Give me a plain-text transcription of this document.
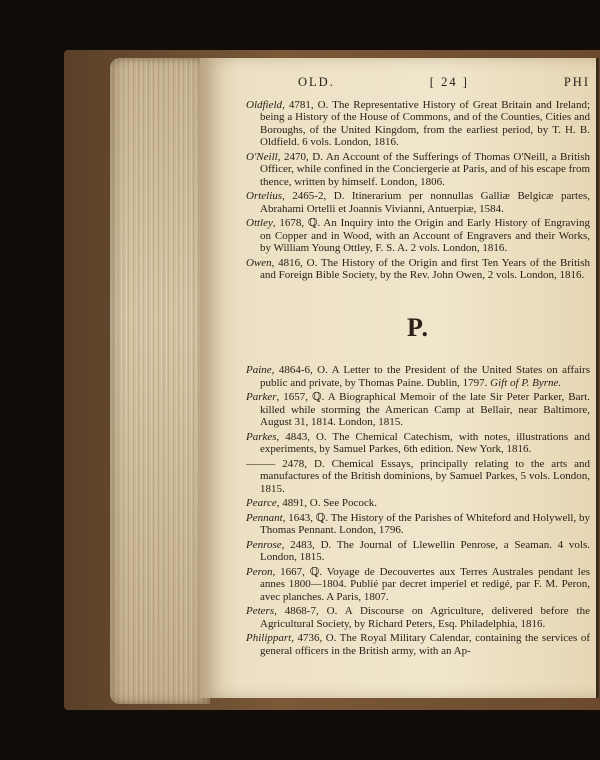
OLD.	[ 24 ]	PHI

Oldfield, 4781, O. The Representative History of Great Britain and Ireland; being a History of the House of Commons, and of the Counties, Cities and Boroughs, of the United Kingdom, from the earliest period, by T. H. B. Oldfield. 6 vols. London, 1816.

O'Neill, 2470, D. An Account of the Sufferings of Thomas O'Neill, a British Officer, while confined in the Conciergerie at Paris, and of his escape from thence, written by himself. London, 1806.

Ortelius, 2465-2, D. Itinerarium per nonnullas Galliæ Belgicæ partes, Abrahami Ortelli et Joannis Vivianni, Antuerpiæ, 1584.

Ottley, 1678, ℚ. An Inquiry into the Origin and Early History of Engraving on Copper and in Wood, with an Account of Engravers and their Works, by William Young Ottley, F. S. A. 2 vols. London, 1816.

Owen, 4816, O. The History of the Origin and first Ten Years of the British and Foreign Bible Society, by the Rev. John Owen, 2 vols. London, 1816.

P.

Paine, 4864-6, O. A Letter to the President of the United States on affairs public and private, by Thomas Paine. Dublin, 1797. Gift of P. Byrne.

Parker, 1657, ℚ. A Biographical Memoir of the late Sir Peter Parker, Bart. killed while storming the American Camp at Bellair, near Baltimore, August 31, 1814. London, 1815.

Parkes, 4843, O. The Chemical Catechism, with notes, illustrations and experiments, by Samuel Parkes, 6th edition. New York, 1816.

——— 2478, D. Chemical Essays, principally relating to the arts and manufactures of the British dominions, by Samuel Parkes, 5 vols. London, 1815.

Pearce, 4891, O. See Pocock.

Pennant, 1643, ℚ. The History of the Parishes of Whiteford and Holywell, by Thomas Pennant. London, 1796.

Penrose, 2483, D. The Journal of Llewellin Penrose, a Seaman. 4 vols. London, 1815.

Peron, 1667, ℚ. Voyage de Decouvertes aux Terres Australes pendant les annes 1800—1804. Publié par decret imperiel et redigé, par F. M. Peron, avec planches. A Paris, 1807.

Peters, 4868-7, O. A Discourse on Agriculture, delivered before the Agricultural Society, by Richard Peters, Esq. Philadelphia, 1816.

Philippart, 4736, O. The Royal Military Calendar, containing the services of general officers in the British army, with an Ap-
